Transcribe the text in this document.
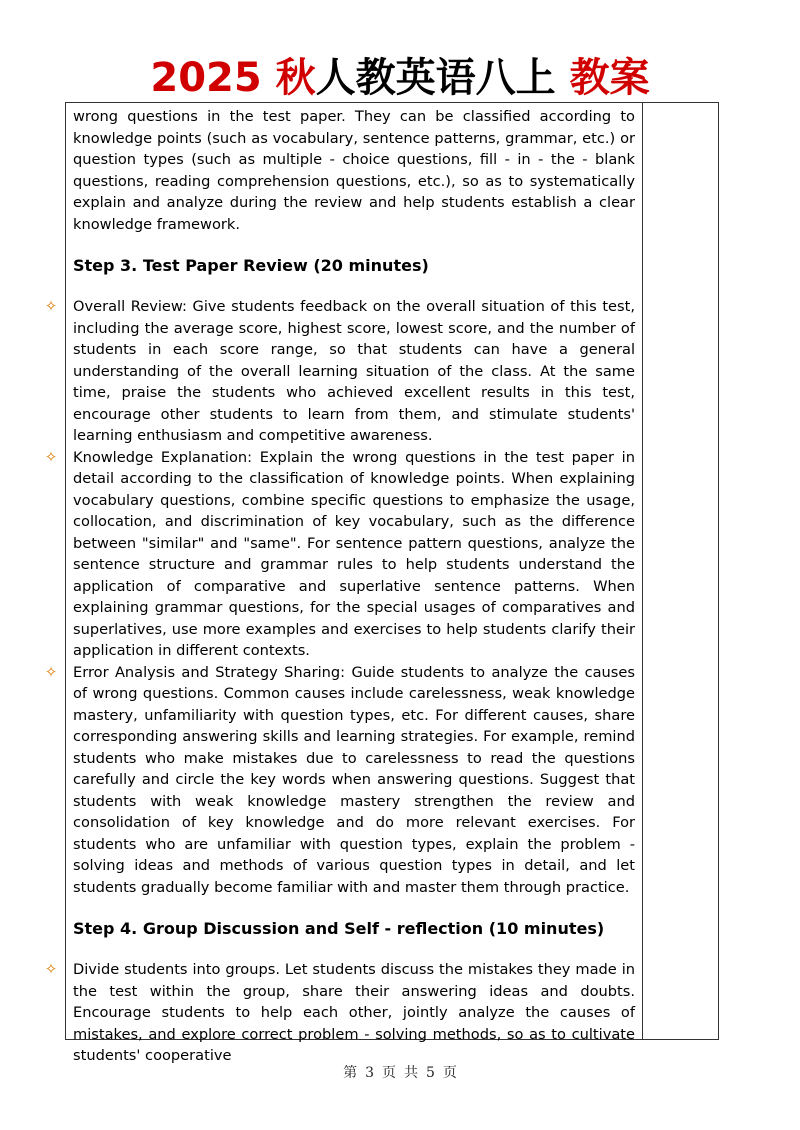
2025 秋人教英语八上 教案

wrong questions in the test paper. They can be classified according to knowledge points (such as vocabulary, sentence patterns, grammar, etc.) or question types (such as multiple - choice questions, fill - in - the - blank questions, reading comprehension questions, etc.), so as to systematically explain and analyze during the review and help students establish a clear knowledge framework.

Step 3. Test Paper Review (20 minutes)

✧ Overall Review: Give students feedback on the overall situation of this test, including the average score, highest score, lowest score, and the number of students in each score range, so that students can have a general understanding of the overall learning situation of the class. At the same time, praise the students who achieved excellent results in this test, encourage other students to learn from them, and stimulate students' learning enthusiasm and competitive awareness.

✧ Knowledge Explanation: Explain the wrong questions in the test paper in detail according to the classification of knowledge points. When explaining vocabulary questions, combine specific questions to emphasize the usage, collocation, and discrimination of key vocabulary, such as the difference between "similar" and "same". For sentence pattern questions, analyze the sentence structure and grammar rules to help students understand the application of comparative and superlative sentence patterns. When explaining grammar questions, for the special usages of comparatives and superlatives, use more examples and exercises to help students clarify their application in different contexts.

✧ Error Analysis and Strategy Sharing: Guide students to analyze the causes of wrong questions. Common causes include carelessness, weak knowledge mastery, unfamiliarity with question types, etc. For different causes, share corresponding answering skills and learning strategies. For example, remind students who make mistakes due to carelessness to read the questions carefully and circle the key words when answering questions. Suggest that students with weak knowledge mastery strengthen the review and consolidation of key knowledge and do more relevant exercises. For students who are unfamiliar with question types, explain the problem - solving ideas and methods of various question types in detail, and let students gradually become familiar with and master them through practice.

Step 4. Group Discussion and Self - reflection (10 minutes)

✧ Divide students into groups. Let students discuss the mistakes they made in the test within the group, share their answering ideas and doubts. Encourage students to help each other, jointly analyze the causes of mistakes, and explore correct problem - solving methods, so as to cultivate students' cooperative

第 3 页 共 5 页
